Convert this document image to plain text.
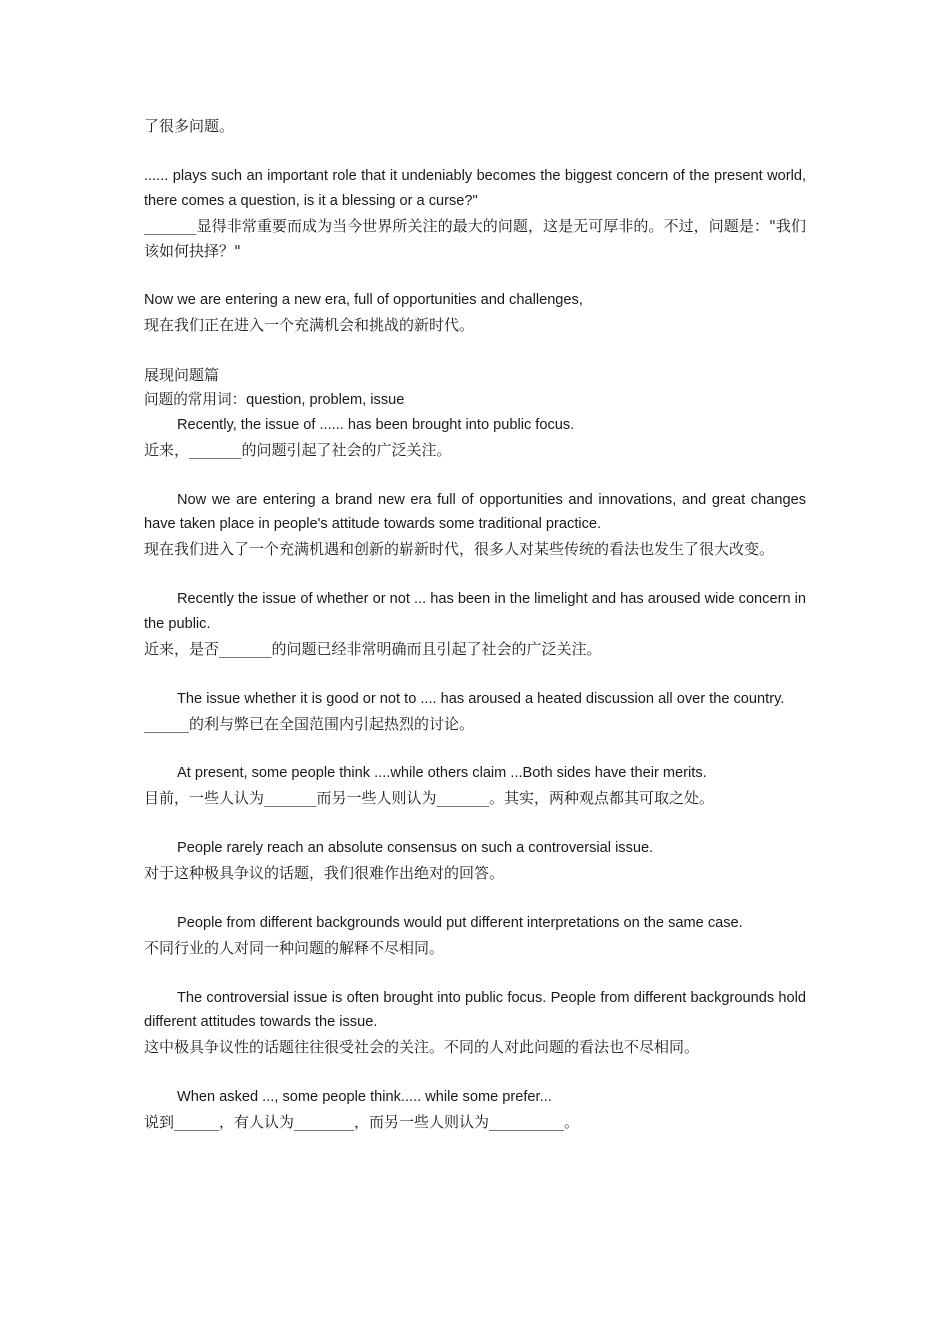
了很多问题。

...... plays such an important role that it undeniably becomes the biggest concern of the present world, there comes a question, is it a blessing or a curse?"

_______显得非常重要而成为当今世界所关注的最大的问题，这是无可厚非的。不过，问题是："我们该如何抉择？"

Now we are entering a new era, full of opportunities and challenges,

现在我们正在进入一个充满机会和挑战的新时代。

展现问题篇

问题的常用词：question, problem, issue

Recently, the issue of ...... has been brought into public focus.

近来，_______的问题引起了社会的广泛关注。

Now we are entering a brand new era full of opportunities and innovations, and great changes have taken place in people's attitude towards some traditional practice.

现在我们进入了一个充满机遇和创新的崭新时代，很多人对某些传统的看法也发生了很大改变。

Recently the issue of whether or not ... has been in the limelight and has aroused wide concern in the public.

近来，是否_______的问题已经非常明确而且引起了社会的广泛关注。

The issue whether it is good or not to .... has aroused a heated discussion all over the country.

______的利与弊已在全国范围内引起热烈的讨论。

At present, some people think ....while others claim ...Both sides have their merits.

目前，一些人认为_______而另一些人则认为_______。其实，两种观点都其可取之处。

People rarely reach an absolute consensus on such a controversial issue.

对于这种极具争议的话题，我们很难作出绝对的回答。

People from different backgrounds would put different interpretations on the same case.

不同行业的人对同一种问题的解释不尽相同。

The controversial issue is often brought into public focus. People from different backgrounds hold different attitudes towards the issue.

这中极具争议性的话题往往很受社会的关注。不同的人对此问题的看法也不尽相同。

When asked ..., some people think..... while some prefer...

说到______，有人认为________，而另一些人则认为__________。
